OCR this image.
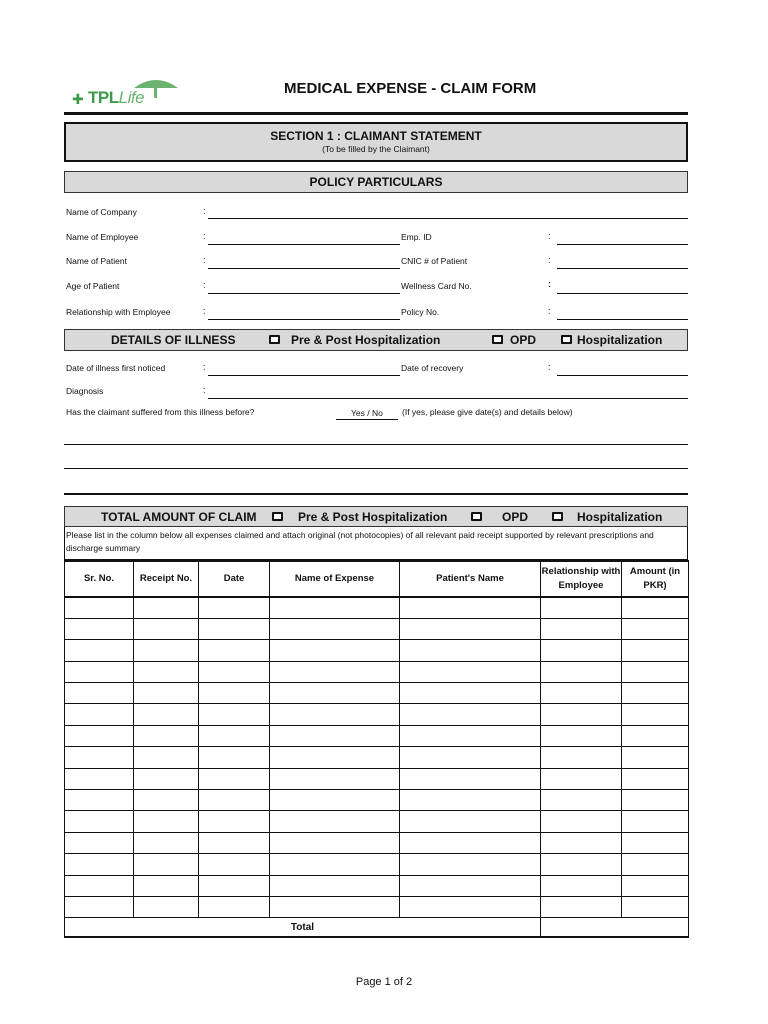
✚ TPLLife	MEDICAL EXPENSE - CLAIM FORM
SECTION 1 : CLAIMANT STATEMENT
(To be filled by the Claimant)
POLICY PARTICULARS
Name of Company	:
Name of Employee	:	Emp. ID	:
Name of Patient	:	CNIC # of Patient	:
Age of Patient	:	Wellness Card No.	:
Relationship with Employee	:	Policy No.	:
DETAILS OF ILLNESS	Pre & Post Hospitalization	OPD	Hospitalization
Date of illness first noticed	:	Date of recovery	:
Diagnosis	:
Has the claimant suffered from this illness before?	Yes / No (If yes, please give date(s) and details below)
TOTAL AMOUNT OF CLAIM	Pre & Post Hospitalization	OPD	Hospitalization
Please list in the column below all expenses claimed and attach original (not photocopies) of all relevant paid receipt supported by relevant prescriptions and discharge summary
Sr. No.	Receipt No.	Date	Name of Expense	Patient's Name	Relationship with Employee	Amount (in PKR)

Total						
Page 1 of 2
